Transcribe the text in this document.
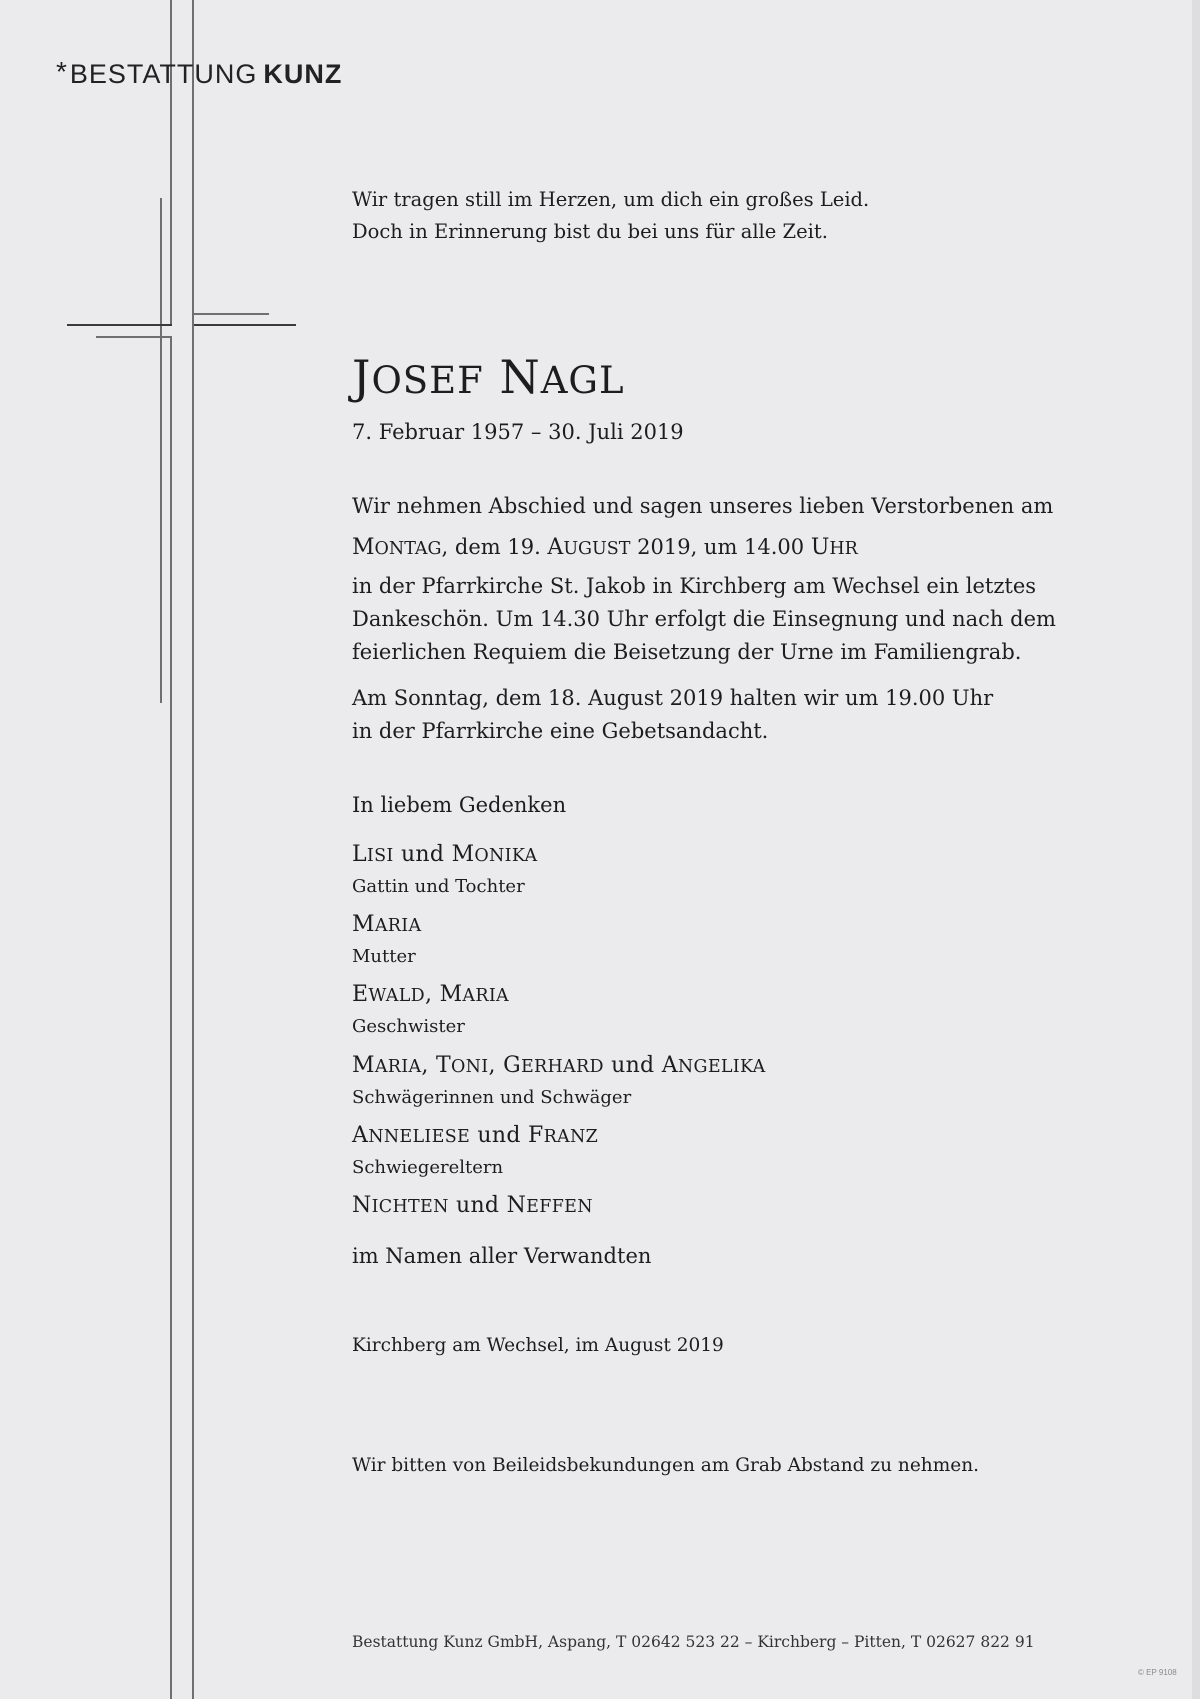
*BESTATTUNG KUNZ
Wir tragen still im Herzen, um dich ein großes Leid.
Doch in Erinnerung bist du bei uns für alle Zeit.
JOSEF NAGL
7. Februar 1957 – 30. Juli 2019
Wir nehmen Abschied und sagen unseres lieben Verstorbenen am
MONTAG, dem 19. AUGUST 2019, um 14.00 UHR
in der Pfarrkirche St. Jakob in Kirchberg am Wechsel ein letztes
Dankeschön. Um 14.30 Uhr erfolgt die Einsegnung und nach dem
feierlichen Requiem die Beisetzung der Urne im Familiengrab.
Am Sonntag, dem 18. August 2019 halten wir um 19.00 Uhr
in der Pfarrkirche eine Gebetsandacht.
In liebem Gedenken
LISI und MONIKA
Gattin und Tochter
MARIA
Mutter
EWALD, MARIA
Geschwister
MARIA, TONI, GERHARD und ANGELIKA
Schwägerinnen und Schwäger
ANNELIESE und FRANZ
Schwiegereltern
NICHTEN und NEFFEN
im Namen aller Verwandten
Kirchberg am Wechsel, im August 2019
Wir bitten von Beileidsbekundungen am Grab Abstand zu nehmen.
Bestattung Kunz GmbH, Aspang, T 02642 523 22 – Kirchberg – Pitten, T 02627 822 91
© EP 9108
